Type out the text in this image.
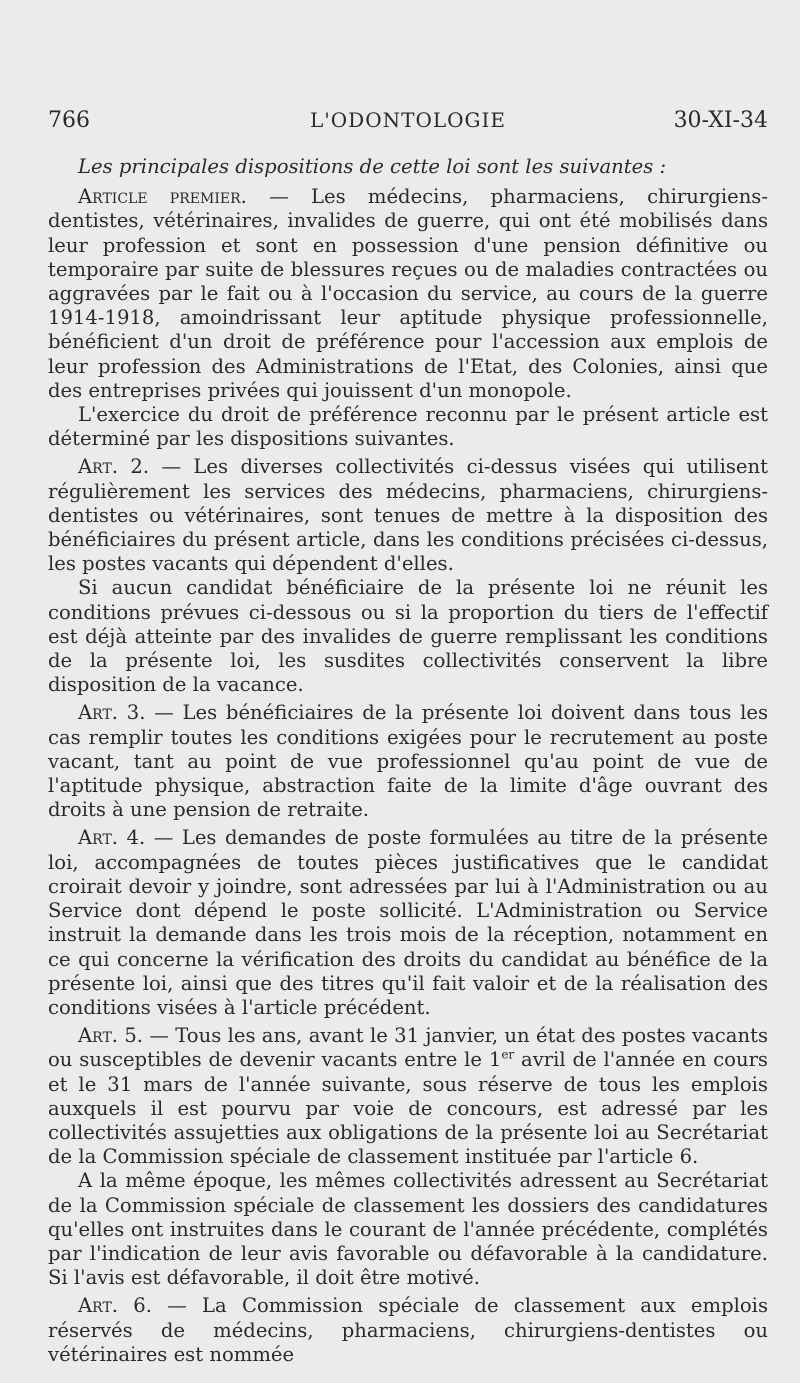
766	L'ODONTOLOGIE	30-XI-34

Les principales dispositions de cette loi sont les suivantes :

Article premier. — Les médecins, pharmaciens, chirurgiens-dentistes, vétérinaires, invalides de guerre, qui ont été mobilisés dans leur profession et sont en possession d'une pension définitive ou temporaire par suite de blessures reçues ou de maladies contractées ou aggravées par le fait ou à l'occasion du service, au cours de la guerre 1914-1918, amoindrissant leur aptitude physique professionnelle, bénéficient d'un droit de préférence pour l'accession aux emplois de leur profession des Administrations de l'Etat, des Colonies, ainsi que des entreprises privées qui jouissent d'un monopole.

L'exercice du droit de préférence reconnu par le présent article est déterminé par les dispositions suivantes.

Art. 2. — Les diverses collectivités ci-dessus visées qui utilisent régulièrement les services des médecins, pharmaciens, chirurgiens-dentistes ou vétérinaires, sont tenues de mettre à la disposition des bénéficiaires du présent article, dans les conditions précisées ci-dessus, les postes vacants qui dépendent d'elles.

Si aucun candidat bénéficiaire de la présente loi ne réunit les conditions prévues ci-dessous ou si la proportion du tiers de l'effectif est déjà atteinte par des invalides de guerre remplissant les conditions de la présente loi, les susdites collectivités conservent la libre disposition de la vacance.

Art. 3. — Les bénéficiaires de la présente loi doivent dans tous les cas remplir toutes les conditions exigées pour le recrutement au poste vacant, tant au point de vue professionnel qu'au point de vue de l'aptitude physique, abstraction faite de la limite d'âge ouvrant des droits à une pension de retraite.

Art. 4. — Les demandes de poste formulées au titre de la présente loi, accompagnées de toutes pièces justificatives que le candidat croirait devoir y joindre, sont adressées par lui à l'Administration ou au Service dont dépend le poste sollicité. L'Administration ou Service instruit la demande dans les trois mois de la réception, notamment en ce qui concerne la vérification des droits du candidat au bénéfice de la présente loi, ainsi que des titres qu'il fait valoir et de la réalisation des conditions visées à l'article précédent.

Art. 5. — Tous les ans, avant le 31 janvier, un état des postes vacants ou susceptibles de devenir vacants entre le 1er avril de l'année en cours et le 31 mars de l'année suivante, sous réserve de tous les emplois auxquels il est pourvu par voie de concours, est adressé par les collectivités assujetties aux obligations de la présente loi au Secrétariat de la Commission spéciale de classement instituée par l'article 6.

A la même époque, les mêmes collectivités adressent au Secrétariat de la Commission spéciale de classement les dossiers des candidatures qu'elles ont instruites dans le courant de l'année précédente, complétés par l'indication de leur avis favorable ou défavorable à la candidature. Si l'avis est défavorable, il doit être motivé.

Art. 6. — La Commission spéciale de classement aux emplois réservés de médecins, pharmaciens, chirurgiens-dentistes ou vétérinaires est nommée
